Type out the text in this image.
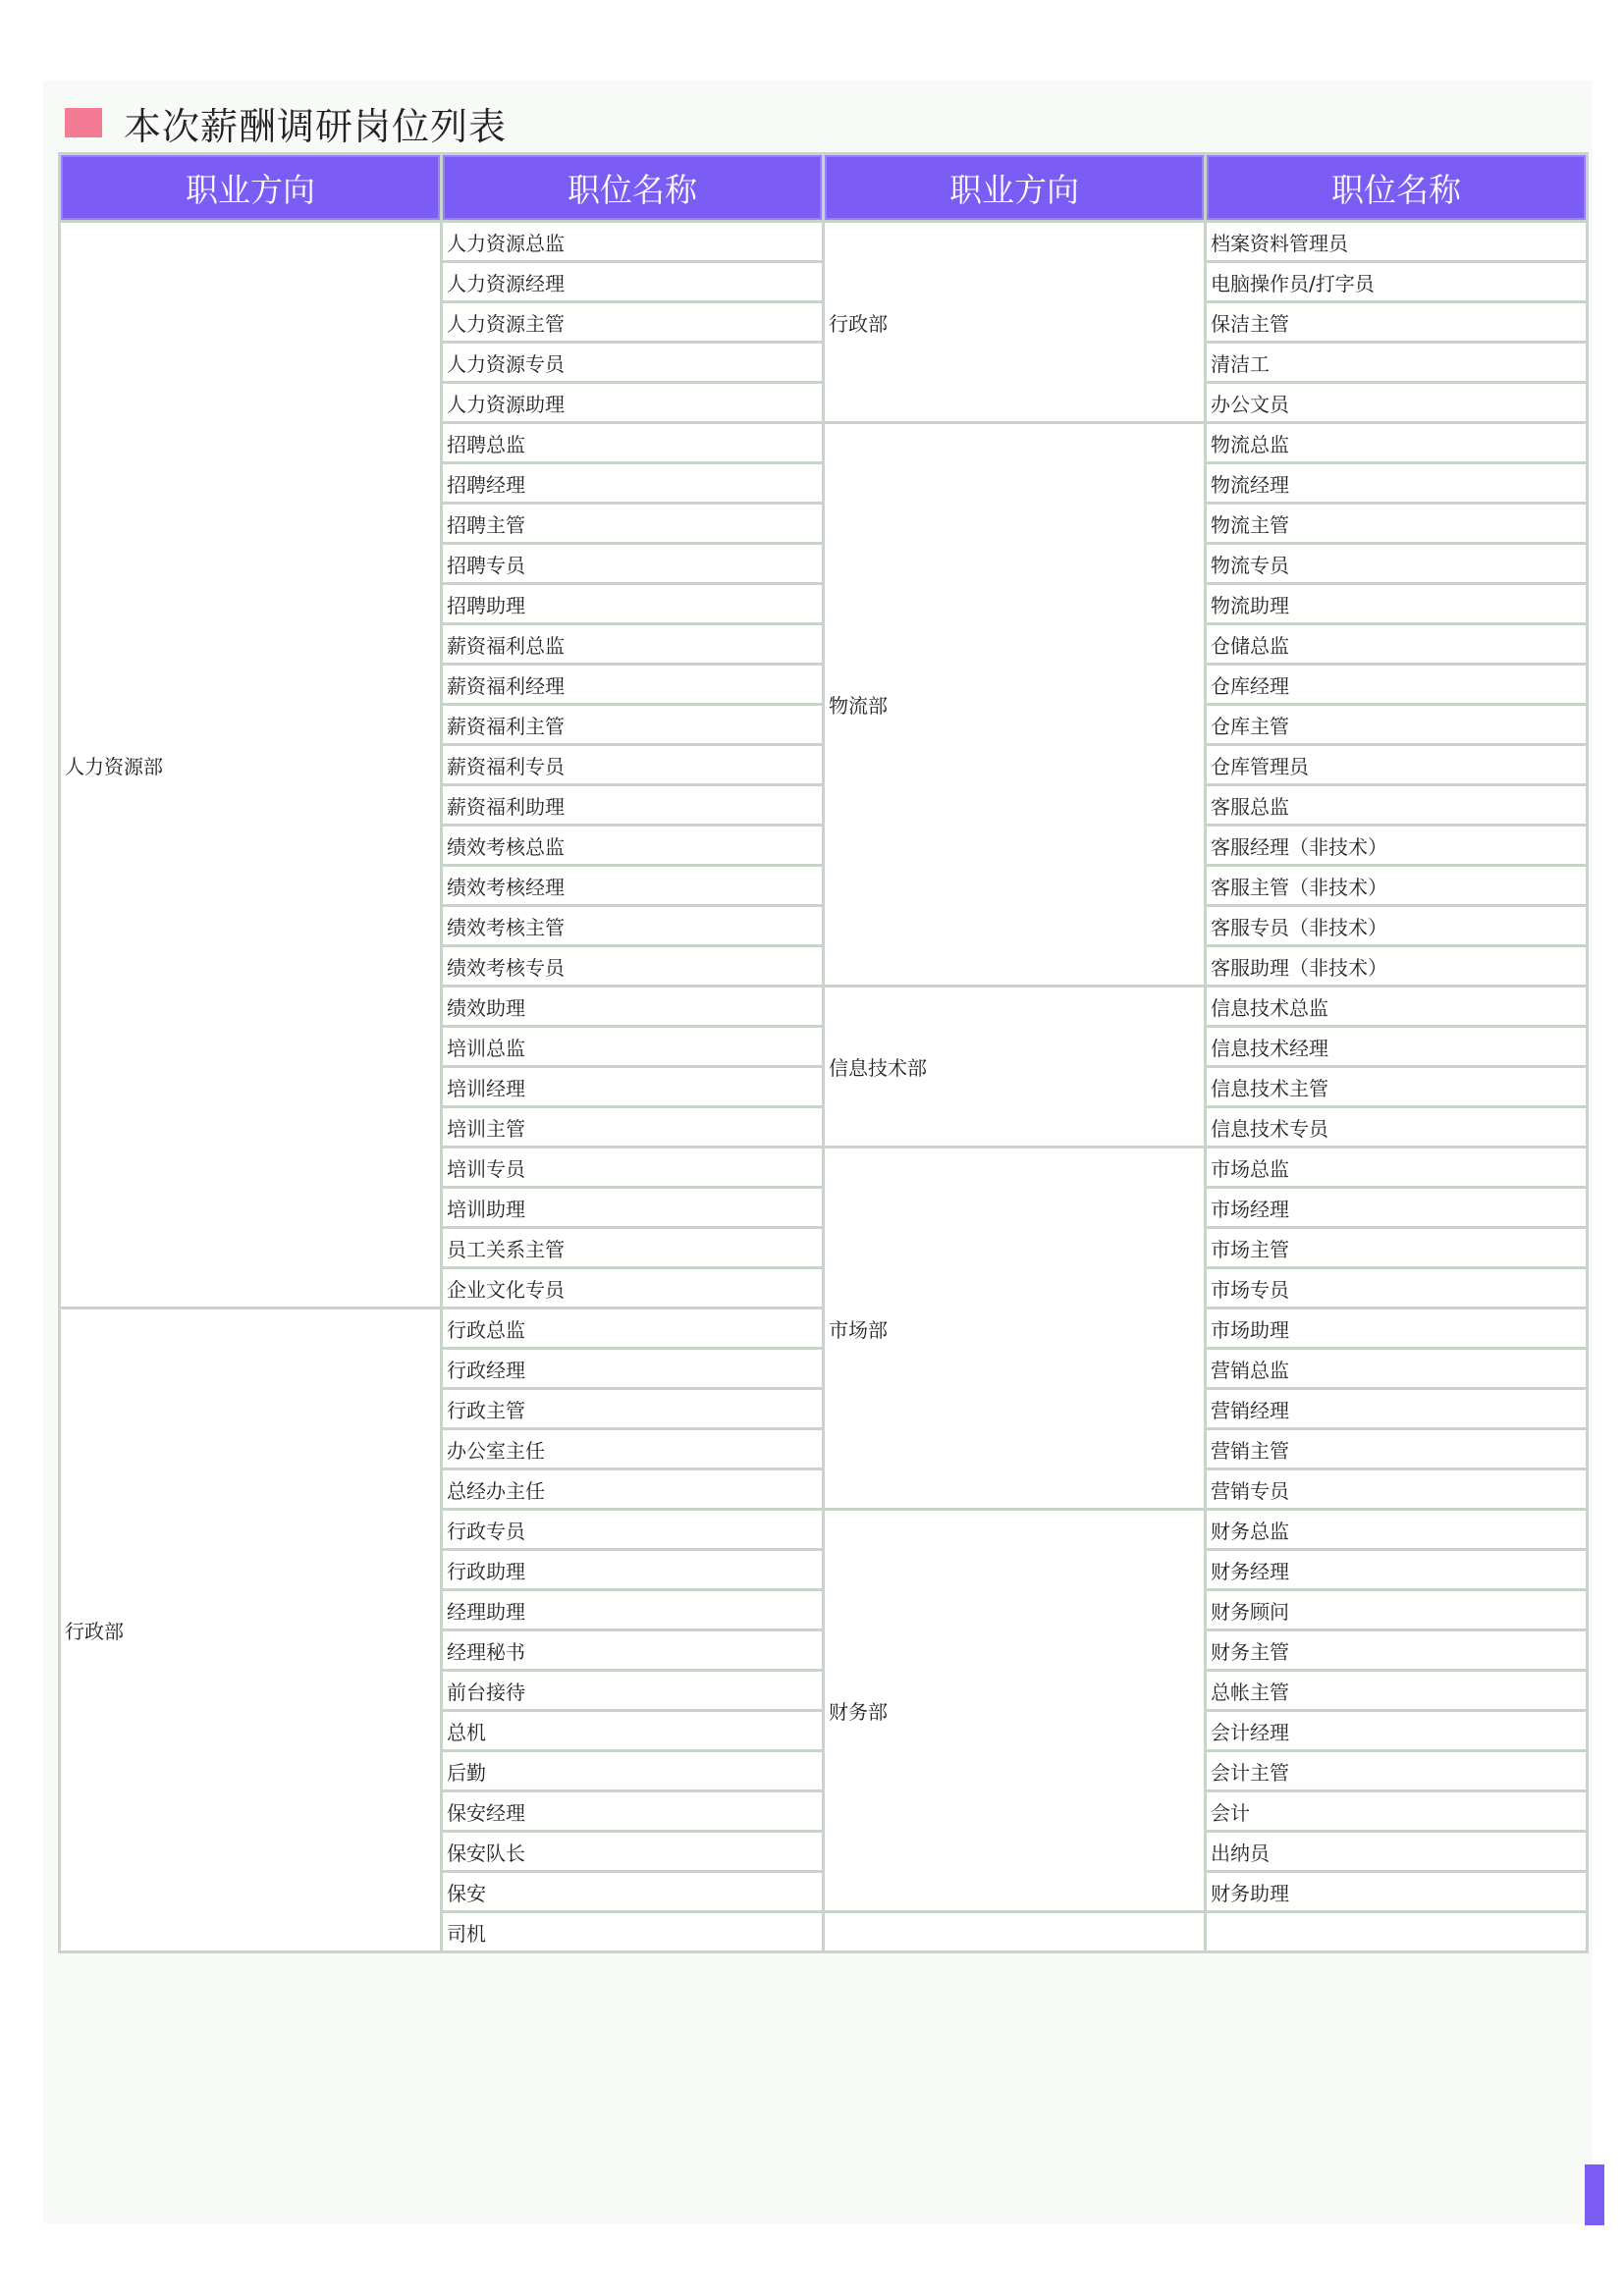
本次薪酬调研岗位列表
职业方向	职位名称	职业方向	职位名称
人力资源部	人力资源总监	行政部	档案资料管理员
	人力资源经理		电脑操作员/打字员
	人力资源主管		保洁主管
	人力资源专员		清洁工
	人力资源助理		办公文员
	招聘总监	物流部	物流总监
	招聘经理		物流经理
	招聘主管		物流主管
	招聘专员		物流专员
	招聘助理		物流助理
	薪资福利总监		仓储总监
	薪资福利经理		仓库经理
	薪资福利主管		仓库主管
	薪资福利专员		仓库管理员
	薪资福利助理		客服总监
	绩效考核总监		客服经理（非技术）
	绩效考核经理		客服主管（非技术）
	绩效考核主管		客服专员（非技术）
	绩效考核专员		客服助理（非技术）
	绩效助理	信息技术部	信息技术总监
	培训总监		信息技术经理
	培训经理		信息技术主管
	培训主管		信息技术专员
	培训专员	市场部	市场总监
	培训助理		市场经理
	员工关系主管		市场主管
	企业文化专员		市场专员
行政部	行政总监		市场助理
	行政经理		营销总监
	行政主管		营销经理
	办公室主任		营销主管
	总经办主任		营销专员
	行政专员	财务部	财务总监
	行政助理		财务经理
	经理助理		财务顾问
	经理秘书		财务主管
	前台接待		总帐主管
	总机		会计经理
	后勤		会计主管
	保安经理		会计
	保安队长		出纳员
	保安		财务助理
	司机		
